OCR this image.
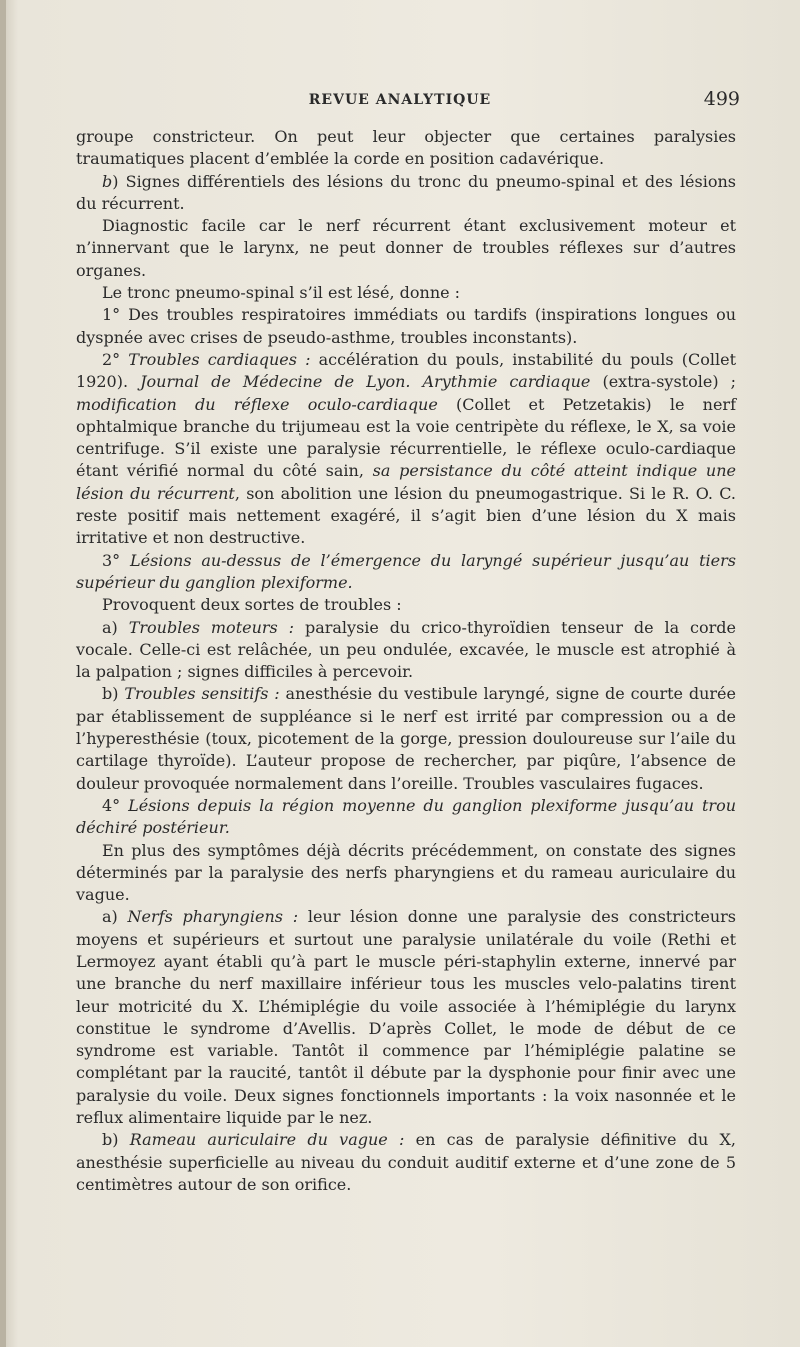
REVUE ANALYTIQUE	499

groupe constricteur. On peut leur objecter que certaines paralysies traumatiques placent d’emblée la corde en position cadavérique.

b) Signes différentiels des lésions du tronc du pneumo-spinal et des lésions du récurrent.

Diagnostic facile car le nerf récurrent étant exclusivement moteur et n’innervant que le larynx, ne peut donner de troubles réflexes sur d’autres organes.

Le tronc pneumo-spinal s’il est lésé, donne :

1° Des troubles respiratoires immédiats ou tardifs (inspirations longues ou dyspnée avec crises de pseudo-asthme, troubles inconstants).

2° Troubles cardiaques : accélération du pouls, instabilité du pouls (Collet 1920). Journal de Médecine de Lyon. Arythmie cardiaque (extra-systole) ; modification du réflexe oculo-cardiaque (Collet et Petzetakis) le nerf ophtalmique branche du trijumeau est la voie centripète du réflexe, le X, sa voie centrifuge. S’il existe une paralysie récurrentielle, le réflexe oculo-cardiaque étant vérifié normal du côté sain, sa persistance du côté atteint indique une lésion du récurrent, son abolition une lésion du pneumogastrique. Si le R. O. C. reste positif mais nettement exagéré, il s’agit bien d’une lésion du X mais irritative et non destructive.

3° Lésions au-dessus de l’émergence du laryngé supérieur jusqu’au tiers supérieur du ganglion plexiforme.

Provoquent deux sortes de troubles :

a) Troubles moteurs : paralysie du crico-thyroïdien tenseur de la corde vocale. Celle-ci est relâchée, un peu ondulée, excavée, le muscle est atrophié à la palpation ; signes difficiles à percevoir.

b) Troubles sensitifs : anesthésie du vestibule laryngé, signe de courte durée par établissement de suppléance si le nerf est irrité par compression ou a de l’hyperesthésie (toux, picotement de la gorge, pression douloureuse sur l’aile du cartilage thyroïde). L’auteur propose de rechercher, par piqûre, l’absence de douleur provoquée normalement dans l’oreille. Troubles vasculaires fugaces.

4° Lésions depuis la région moyenne du ganglion plexiforme jusqu’au trou déchiré postérieur.

En plus des symptômes déjà décrits précédemment, on constate des signes déterminés par la paralysie des nerfs pharyngiens et du rameau auriculaire du vague.

a) Nerfs pharyngiens : leur lésion donne une paralysie des constricteurs moyens et supérieurs et surtout une paralysie unilatérale du voile (Rethi et Lermoyez ayant établi qu’à part le muscle péri-staphylin externe, innervé par une branche du nerf maxillaire inférieur tous les muscles velo-palatins tirent leur motricité du X. L’hémiplégie du voile associée à l’hémiplégie du larynx constitue le syndrome d’Avellis. D’après Collet, le mode de début de ce syndrome est variable. Tantôt il commence par l’hémiplégie palatine se complétant par la raucité, tantôt il débute par la dysphonie pour finir avec une paralysie du voile. Deux signes fonctionnels importants : la voix nasonnée et le reflux alimentaire liquide par le nez.

b) Rameau auriculaire du vague : en cas de paralysie définitive du X, anesthésie superficielle au niveau du conduit auditif externe et d’une zone de 5 centimètres autour de son orifice.
